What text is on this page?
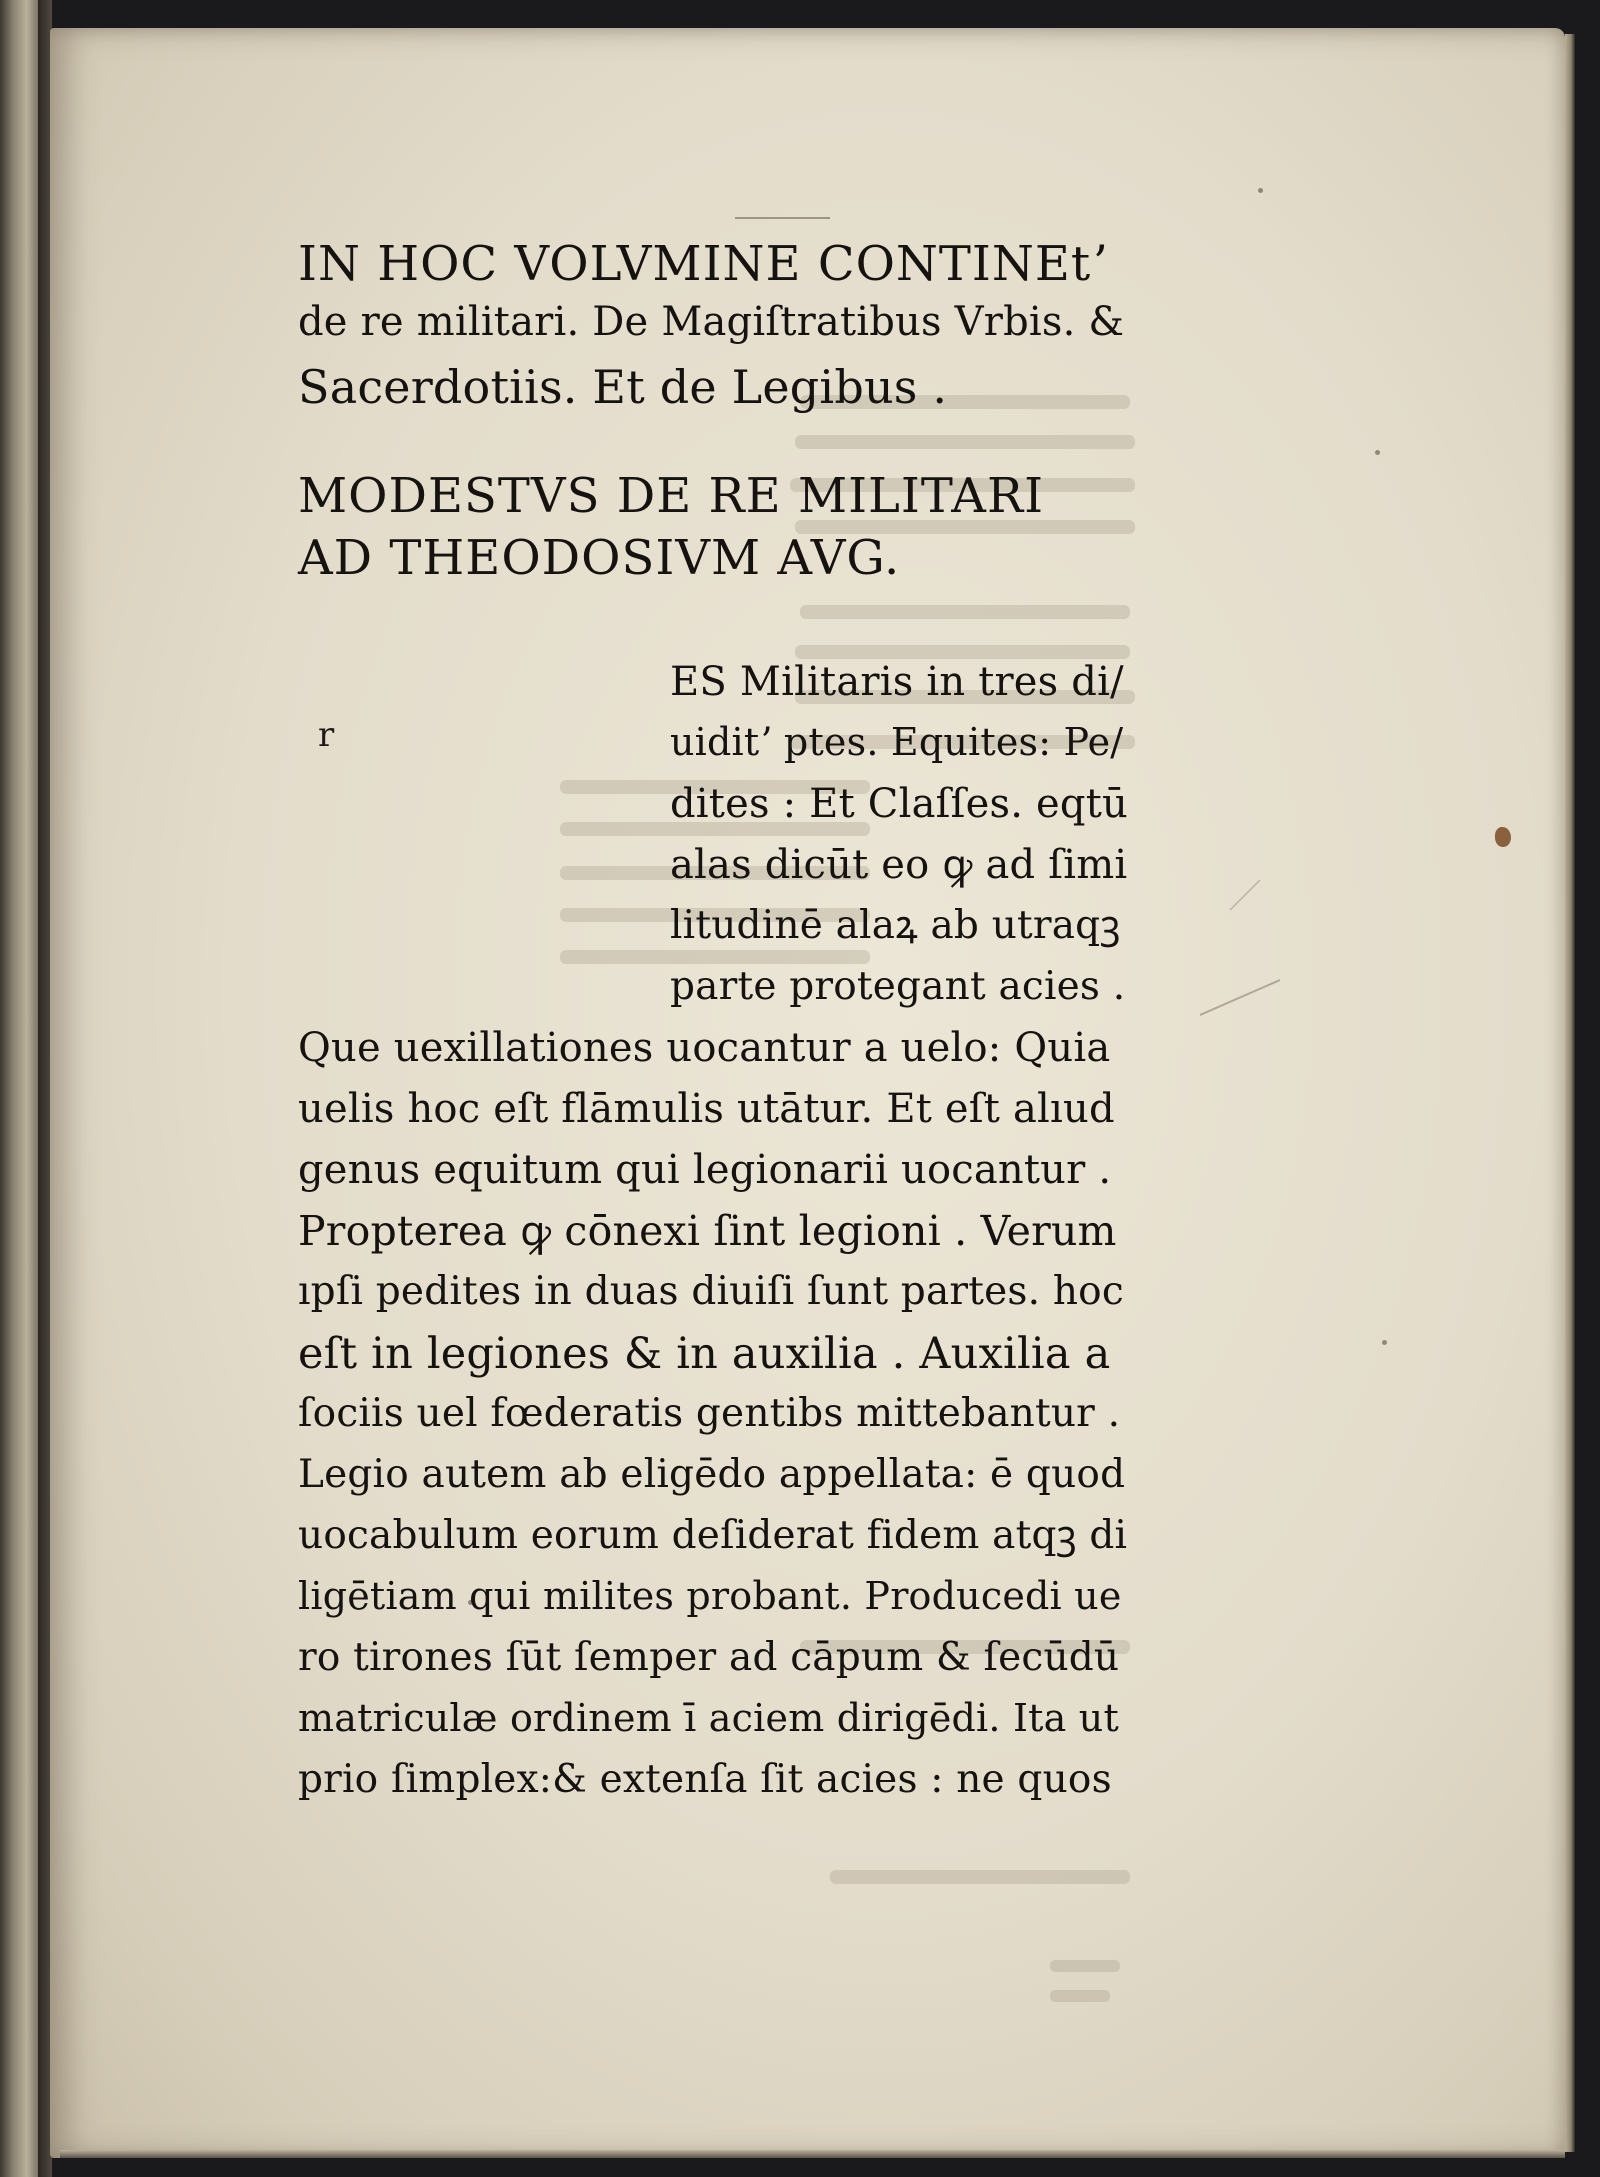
IN HOC VOLVMINE CONTINEtʼ
de re militari. De Magiſtratibus Vrbis. &
Sacerdotiis. Et de Legibus .
MODESTVS DE RE MILITARI
AD THEODOSIVM AVG.
ES Militaris in tres di/
uiditʼ ptes. Equites: Pe/
dites : Et Claſſes. eqtū
alas dicūt eo ꝙ ad ſimi
litudinē alaꝝ ab utraqꝫ
parte protegant acies .
Que uexillationes uocantur a uelo: Quia
uelis hoc eſt flāmulis utātur. Et eſt alıud
genus equitum qui legionarii uocantur .
Propterea ꝙ cōnexi ſint legioni . Verum
ıpſi pedites in duas diuiſi ſunt partes. hoc
eſt in legiones & in auxilia . Auxilia a
ſociis uel fœderatis gentibs mittebantur .
Legio autem ab eligēdo appellata: ē quod
uocabulum eorum deſiderat fidem atqꝫ di
ligētiam qui milites probant. Producedi ue
ro tirones ſūt ſemper ad cāpum & ſecūdū
matriculæ ordinem ī aciem dirigēdi. Ita ut
prio ſimplex:& extenſa ſit acies : ne quos
r
